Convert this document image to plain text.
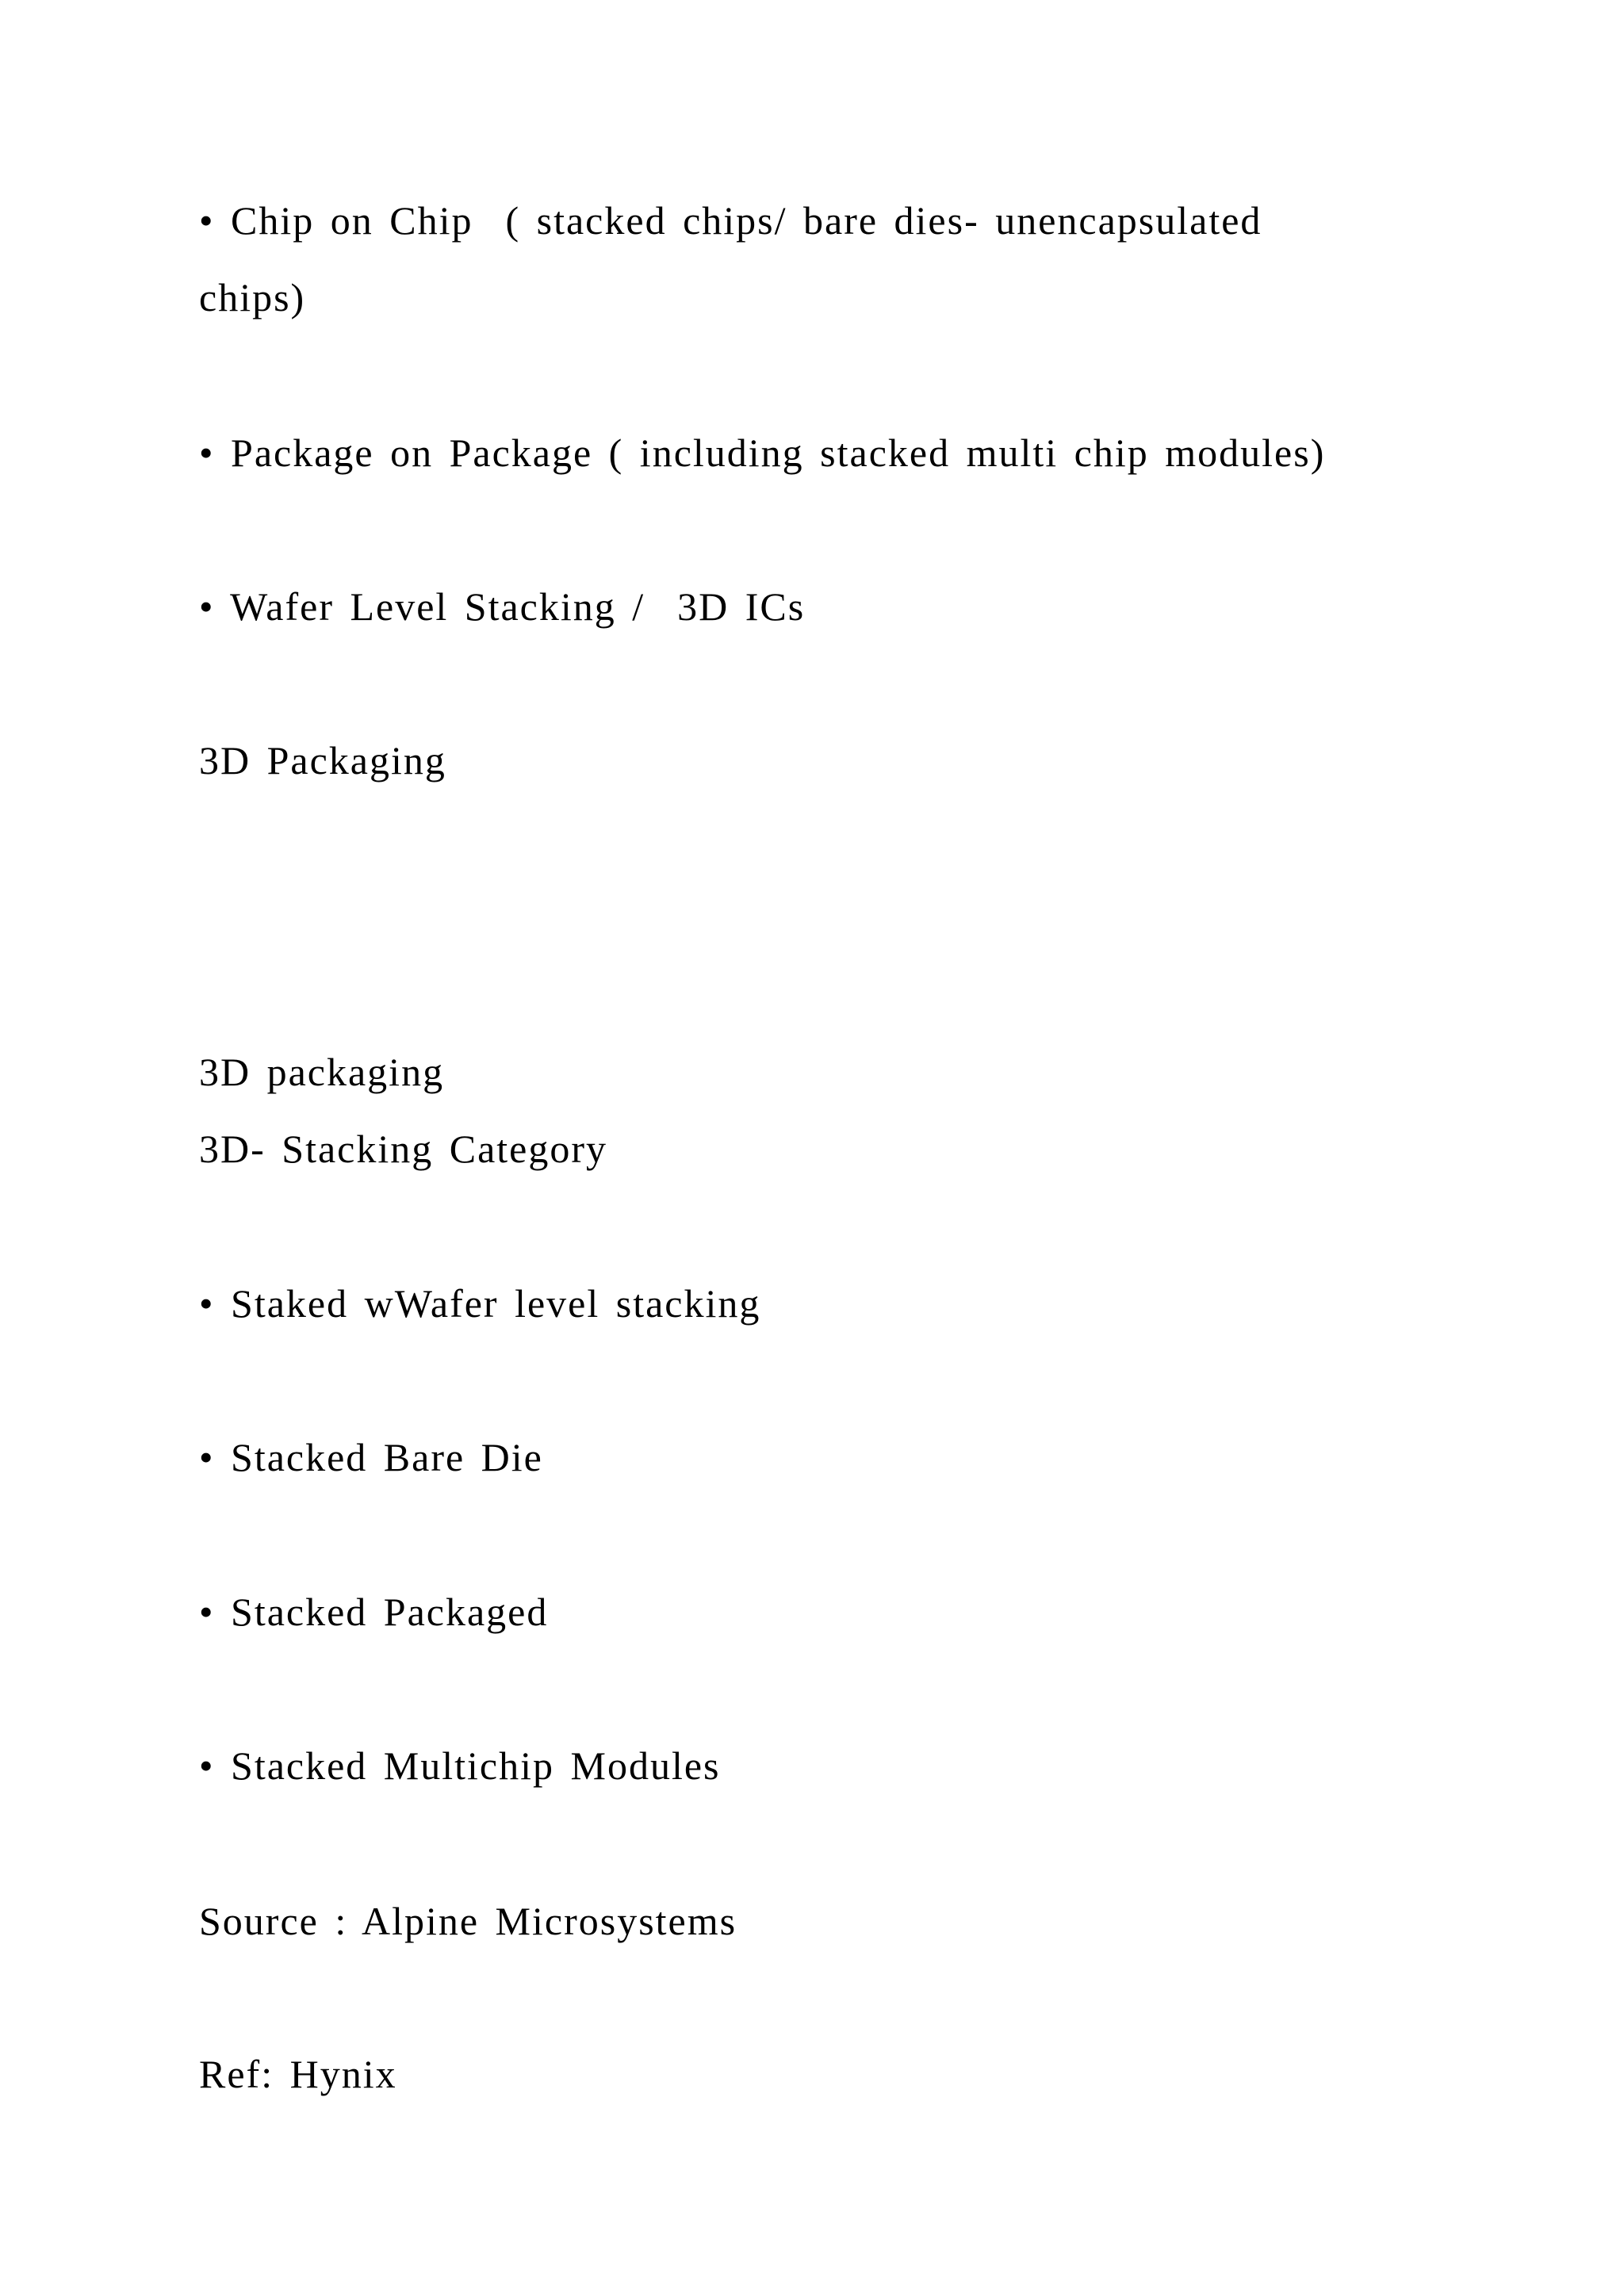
• Chip on Chip  ( stacked chips/ bare dies- unencapsulated
chips)
• Package on Package ( including stacked multi chip modules)
• Wafer Level Stacking /  3D ICs
3D Packaging
3D packaging
3D- Stacking Category
• Staked wWafer level stacking
• Stacked Bare Die
• Stacked Packaged
• Stacked Multichip Modules
Source : Alpine Microsystems
Ref: Hynix
